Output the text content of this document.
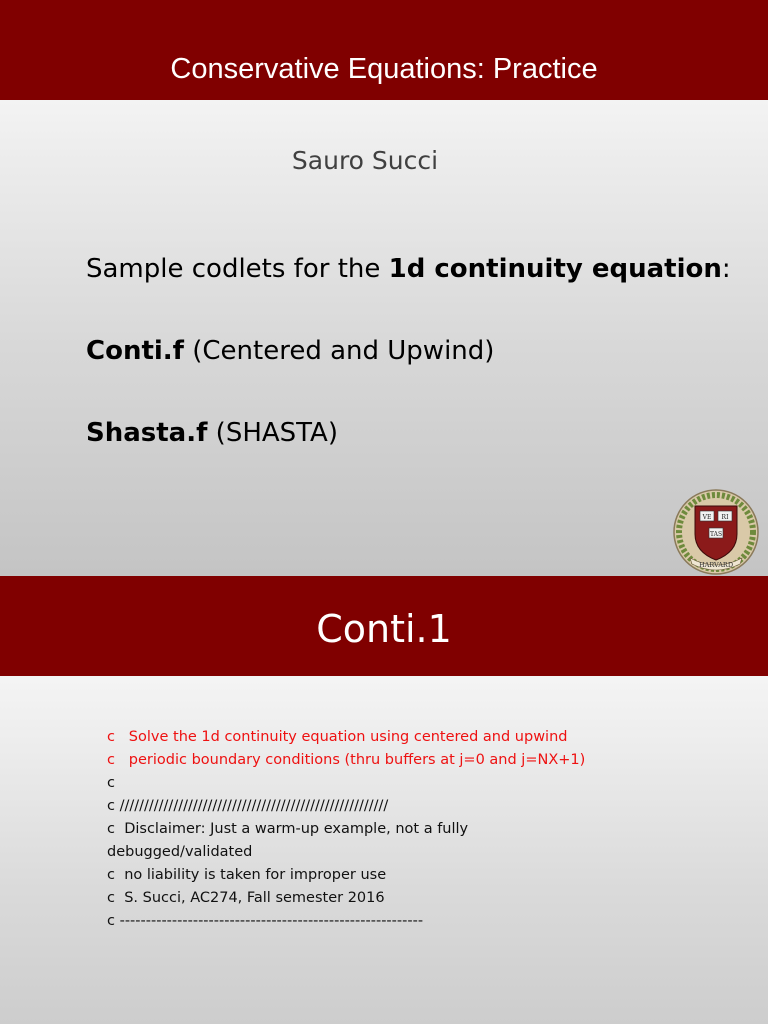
Conservative Equations: Practice
Sauro Succi
Sample codlets for the 1d continuity equation:
Conti.f (Centered and Upwind)
Shasta.f (SHASTA)
VE RI
TAS
HARVARD
Conti.1
c   Solve the 1d continuity equation using centered and upwind
c   periodic boundary conditions (thru buffers at j=0 and j=NX+1)
c
c ///////////////////////////////////////////////////////
c  Disclaimer: Just a warm-up example, not a fully
debugged/validated
c  no liability is taken for improper use
c  S. Succi, AC274, Fall semester 2016
c ----------------------------------------------------------
